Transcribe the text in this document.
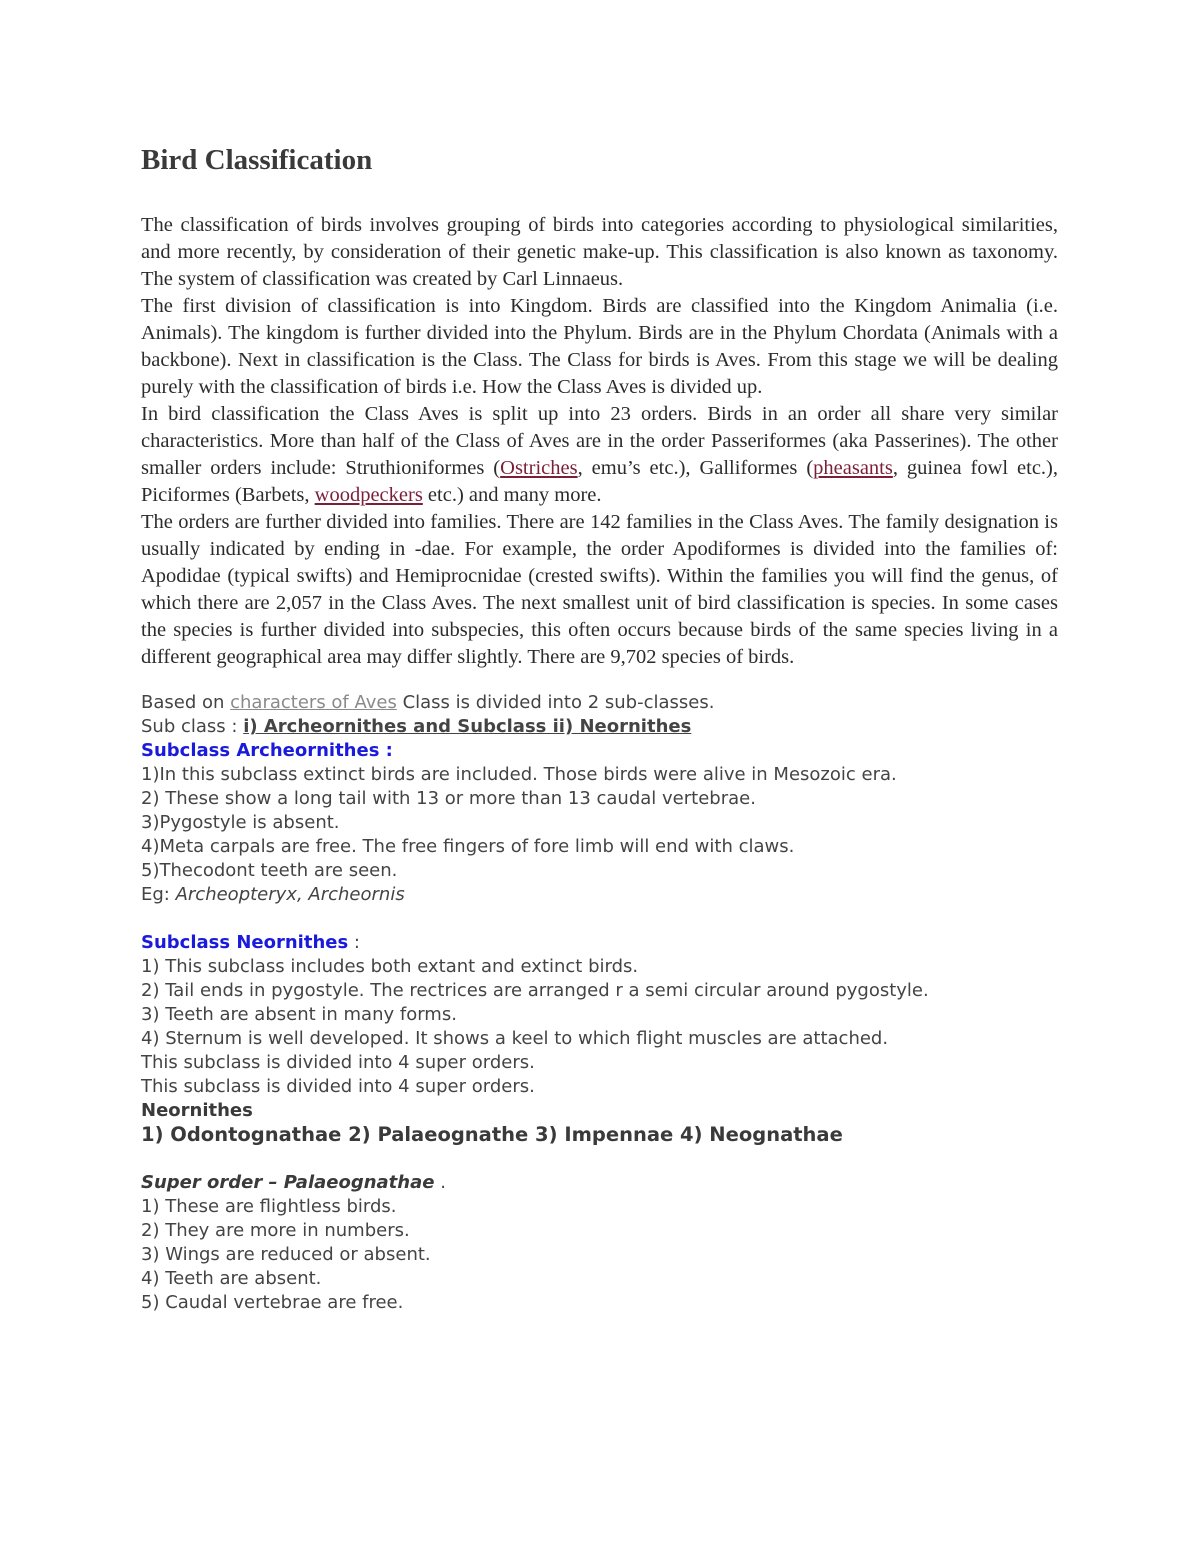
Bird Classification

The classification of birds involves grouping of birds into categories according to physiological similarities, and more recently, by consideration of their genetic make-up. This classification is also known as taxonomy. The system of classification was created by Carl Linnaeus.

The first division of classification is into Kingdom. Birds are classified into the Kingdom Animalia (i.e. Animals). The kingdom is further divided into the Phylum. Birds are in the Phylum Chordata (Animals with a backbone). Next in classification is the Class. The Class for birds is Aves. From this stage we will be dealing purely with the classification of birds i.e. How the Class Aves is divided up.

In bird classification the Class Aves is split up into 23 orders. Birds in an order all share very similar characteristics. More than half of the Class of Aves are in the order Passeriformes (aka Passerines). The other smaller orders include: Struthioniformes (Ostriches, emu’s etc.), Galliformes (pheasants, guinea fowl etc.), Piciformes (Barbets, woodpeckers etc.) and many more.

The orders are further divided into families. There are 142 families in the Class Aves. The family designation is usually indicated by ending in -dae. For example, the order Apodiformes is divided into the families of: Apodidae (typical swifts) and Hemiprocnidae (crested swifts). Within the families you will find the genus, of which there are 2,057 in the Class Aves. The next smallest unit of bird classification is species. In some cases the species is further divided into subspecies, this often occurs because birds of the same species living in a different geographical area may differ slightly. There are 9,702 species of birds.

Based on characters of Aves Class is divided into 2 sub-classes.
Sub class : i) Archeornithes and Subclass ii) Neornithes
Subclass Archeornithes :
1)In this subclass extinct birds are included. Those birds were alive in Mesozoic era.
2) These show a long tail with 13 or more than 13 caudal vertebrae.
3)Pygostyle is absent.
4)Meta carpals are free. The free fingers of fore limb will end with claws.
5)Thecodont teeth are seen.
Eg: Archeopteryx, Archeornis
Subclass Neornithes :
1) This subclass includes both extant and extinct birds.
2) Tail ends in pygostyle. The rectrices are arranged r a semi circular around pygostyle.
3) Teeth are absent in many forms.
4) Sternum is well developed. It shows a keel to which flight muscles are attached.
This subclass is divided into 4 super orders.
This subclass is divided into 4 super orders.
Neornithes
1) Odontognathae 2) Palaeognathe 3) Impennae 4) Neognathae
Super order – Palaeognathae .
1) These are flightless birds.
2) They are more in numbers.
3) Wings are reduced or absent.
4) Teeth are absent.
5) Caudal vertebrae are free.
